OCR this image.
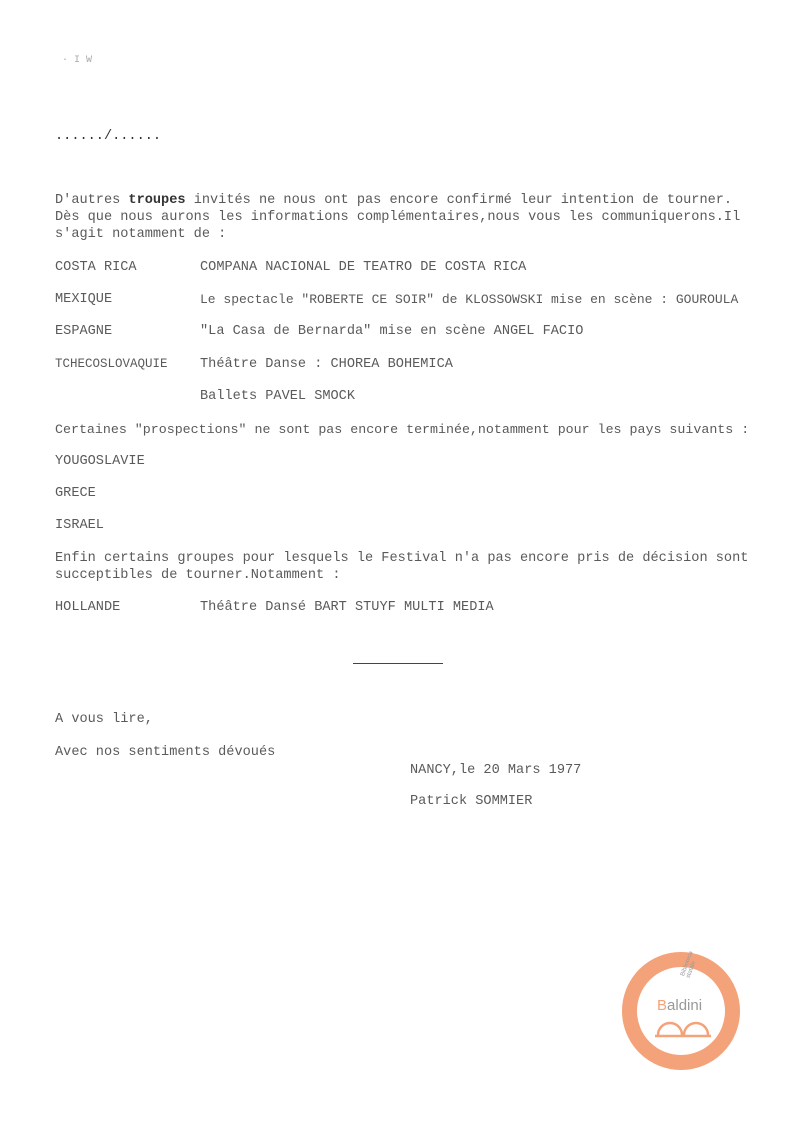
· I W
....../......
D'autres troupes invités ne nous ont pas encore confirmé leur intention de tourner.
Dès que nous aurons les informations complémentaires,nous vous les communiquerons.Il
s'agit notamment de :
COSTA RICA	COMPANA NACIONAL DE TEATRO DE COSTA RICA
MEXIQUE	Le spectacle "ROBERTE CE SOIR" de KLOSSOWSKI mise en scène : GOUROULA
ESPAGNE	"La Casa de Bernarda" mise en scène ANGEL FACIO
TCHECOSLOVAQUIE Théâtre Danse : CHOREA BOHEMICA
Ballets PAVEL SMOCK
Certaines "prospections" ne sont pas encore terminée,notamment pour les pays suivants :
YOUGOSLAVIE
GRECE
ISRAEL
Enfin certains groupes pour lesquels le Festival n'a pas encore pris de décision sont
succeptibles de tourner.Notamment :
HOLLANDE	Théâtre Dansé BART STUYF MULTI MEDIA
A vous lire,
Avec nos sentiments dévoués
NANCY,le 20 Mars 1977
Patrick SOMMIER
Biblioteca statale
Baldini
